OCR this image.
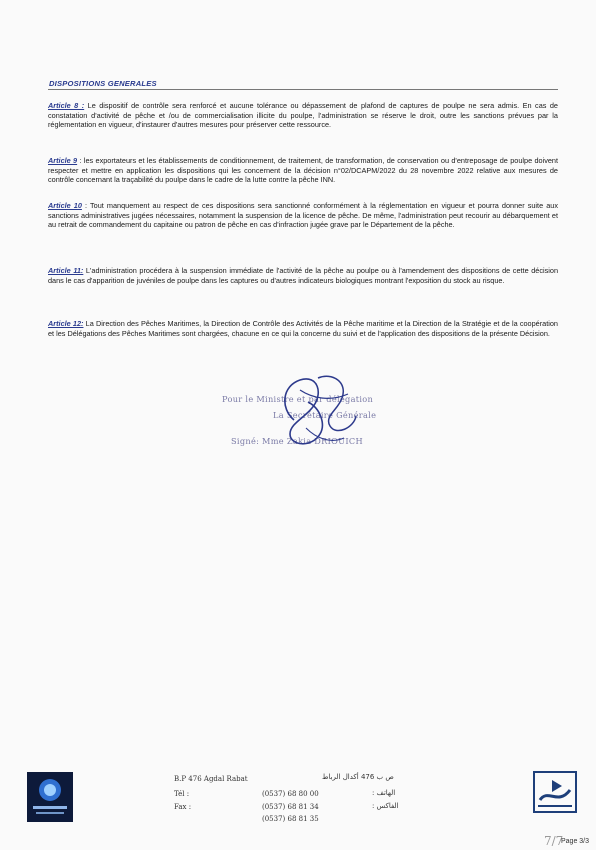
DISPOSITIONS GENERALES

Article 8 : Le dispositif de contrôle sera renforcé et aucune tolérance ou dépassement de plafond de captures de poulpe ne sera admis. En cas de constatation d'activité de pêche et /ou de commercialisation illicite du poulpe, l'administration se réserve le droit, outre les sanctions prévues par la réglementation en vigueur, d'instaurer d'autres mesures pour préserver cette ressource.

Article 9 : les exportateurs et les établissements de conditionnement, de traitement, de transformation, de conservation ou d'entreposage de poulpe doivent respecter et mettre en application les dispositions qui les concernent de la décision n°02/DCAPM/2022 du 28 novembre 2022 relative aux mesures de contrôle concernant la traçabilité du poulpe dans le cadre de la lutte contre la pêche INN.

Article 10 : Tout manquement au respect de ces dispositions sera sanctionné conformément à la réglementation en vigueur et pourra donner suite aux sanctions administratives jugées nécessaires, notamment la suspension de la licence de pêche. De même, l'administration peut recourir au débarquement et au retrait de commandement du capitaine ou patron de pêche en cas d'infraction jugée grave par le Département de la pêche.

Article 11: L'administration procédera à la suspension immédiate de l'activité de la pêche au poulpe ou à l'amendement des dispositions de cette décision dans le cas d'apparition de juvéniles de poulpe dans les captures ou d'autres indicateurs biologiques montrant l'exposition du stock au risque.

Article 12: La Direction des Pêches Maritimes, la Direction de Contrôle des Activités de la Pêche maritime et la Direction de la Stratégie et de la coopération et les Délégations des Pêches Maritimes sont chargées, chacune en ce qui la concerne du suivi et de l'application des dispositions de la présente Décision.

Pour le Ministre et par délégation
La Secrétaire Générale
Signé: Mme Zakia DRIOUICH
B.P 476 Agdal Rabat	ص ب 476 أكدال الرباط
Tél :	(0537) 68 80 00	الهاتف :
Fax :	(0537) 68 81 34	الفاكس :
(0537) 68 81 35
7/7
Page 3/3
